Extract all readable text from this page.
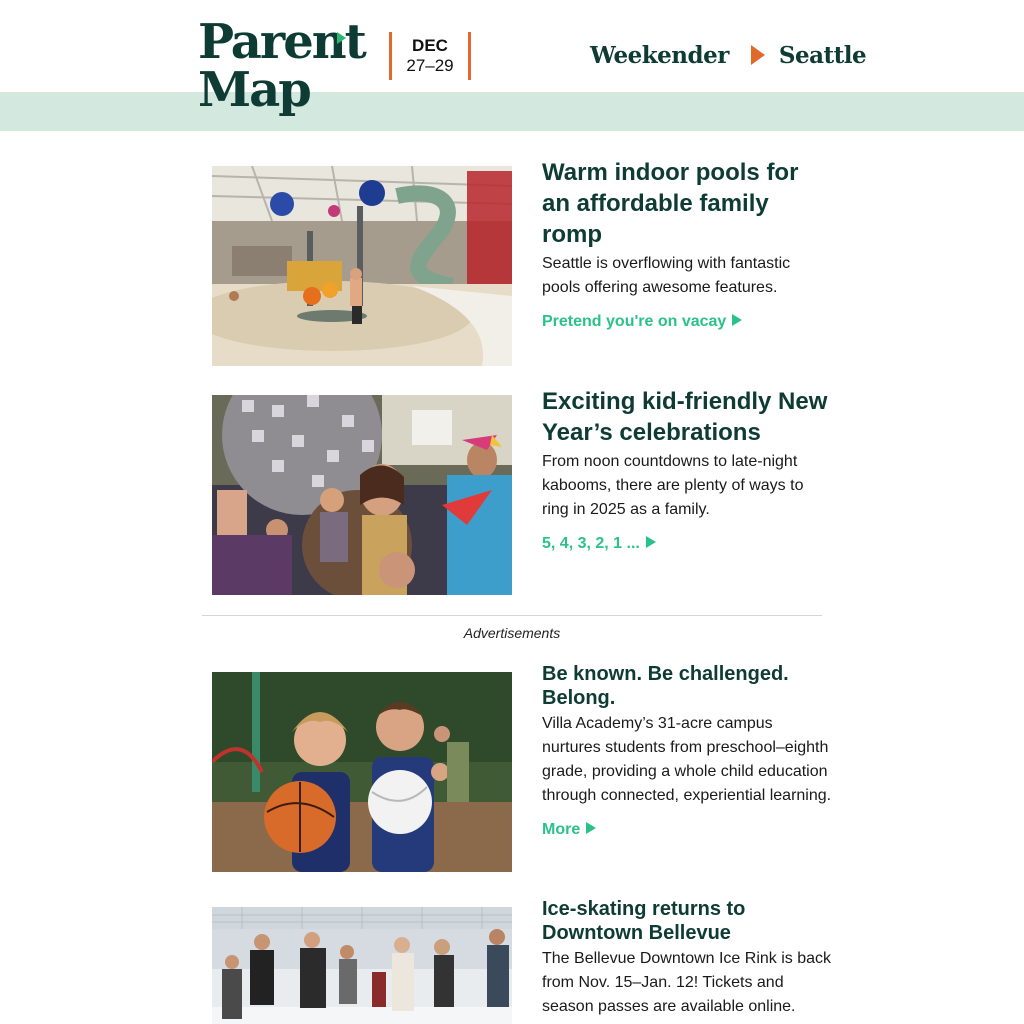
Parent
Map
DEC
27–29	Weekender Seattle
Warm indoor pools for an affordable family romp

Seattle is overflowing with fantastic pools offering awesome features.

Pretend you're on vacay
Exciting kid-friendly New Year’s celebrations

From noon countdowns to late-night kabooms, there are plenty of ways to ring in 2025 as a family.

5, 4, 3, 2, 1 ...
Advertisements
Be known. Be challenged. Belong.

Villa Academy’s 31-acre campus nurtures students from preschool–eighth grade, providing a whole child education through connected, experiential learning.

More
Ice-skating returns to Downtown Bellevue

The Bellevue Downtown Ice Rink is back from Nov. 15–Jan. 12! Tickets and season passes are available online.
